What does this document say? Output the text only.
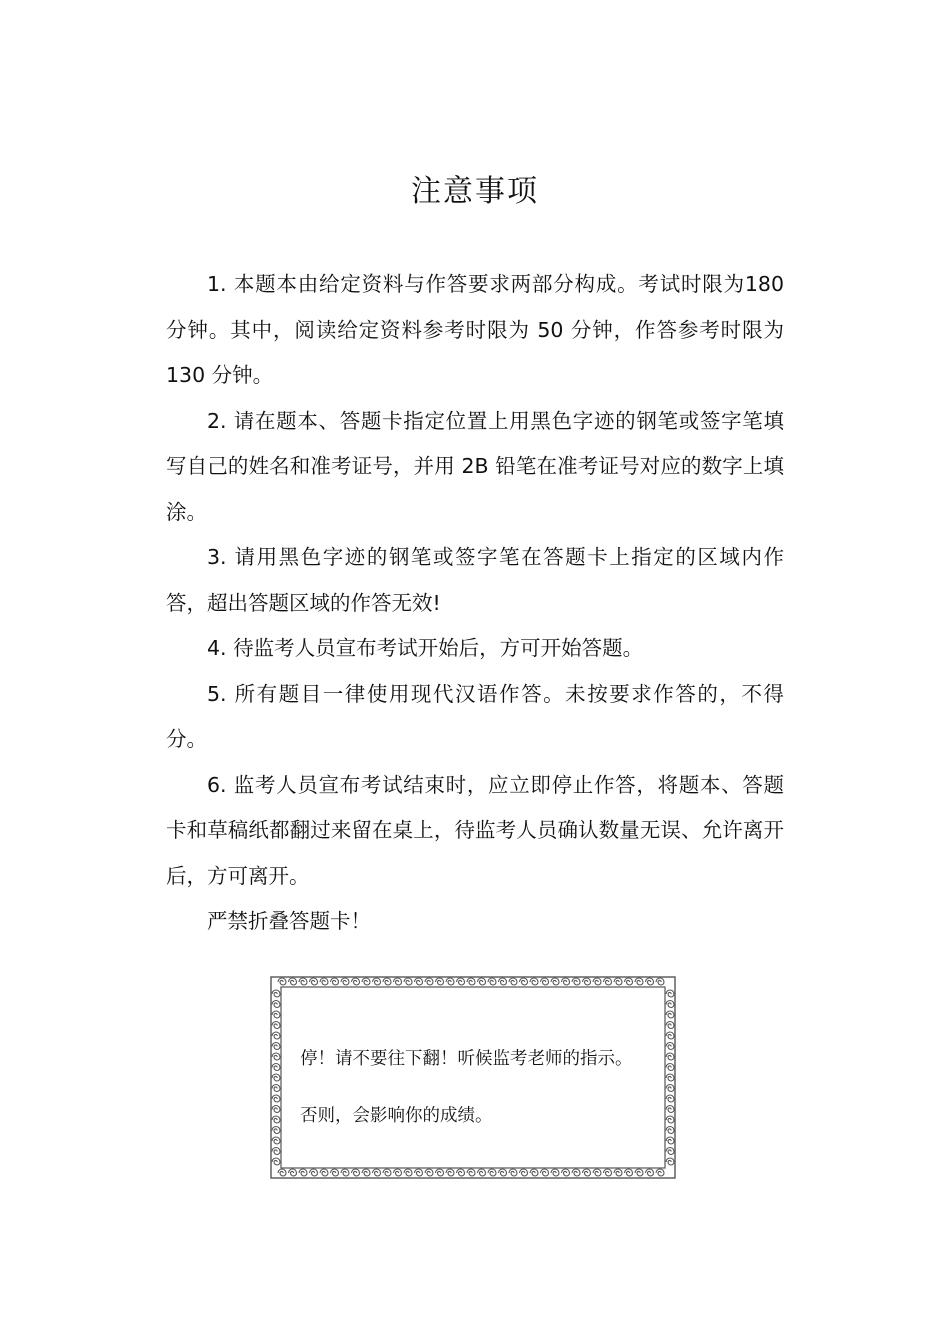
注意事项

1. 本题本由给定资料与作答要求两部分构成。考试时限为180 分钟。其中，阅读给定资料参考时限为 50 分钟，作答参考时限为 130 分钟。

2. 请在题本、答题卡指定位置上用黑色字迹的钢笔或签字笔填写自己的姓名和准考证号，并用 2B 铅笔在准考证号对应的数字上填涂。

3. 请用黑色字迹的钢笔或签字笔在答题卡上指定的区域内作答，超出答题区域的作答无效!

4. 待监考人员宣布考试开始后，方可开始答题。

5. 所有题目一律使用现代汉语作答。未按要求作答的，不得分。

6. 监考人员宣布考试结束时，应立即停止作答，将题本、答题卡和草稿纸都翻过来留在桌上，待监考人员确认数量无误、允许离开后，方可离开。

严禁折叠答题卡！

停！请不要往下翻！听候监考老师的指示。
否则，会影响你的成绩。
